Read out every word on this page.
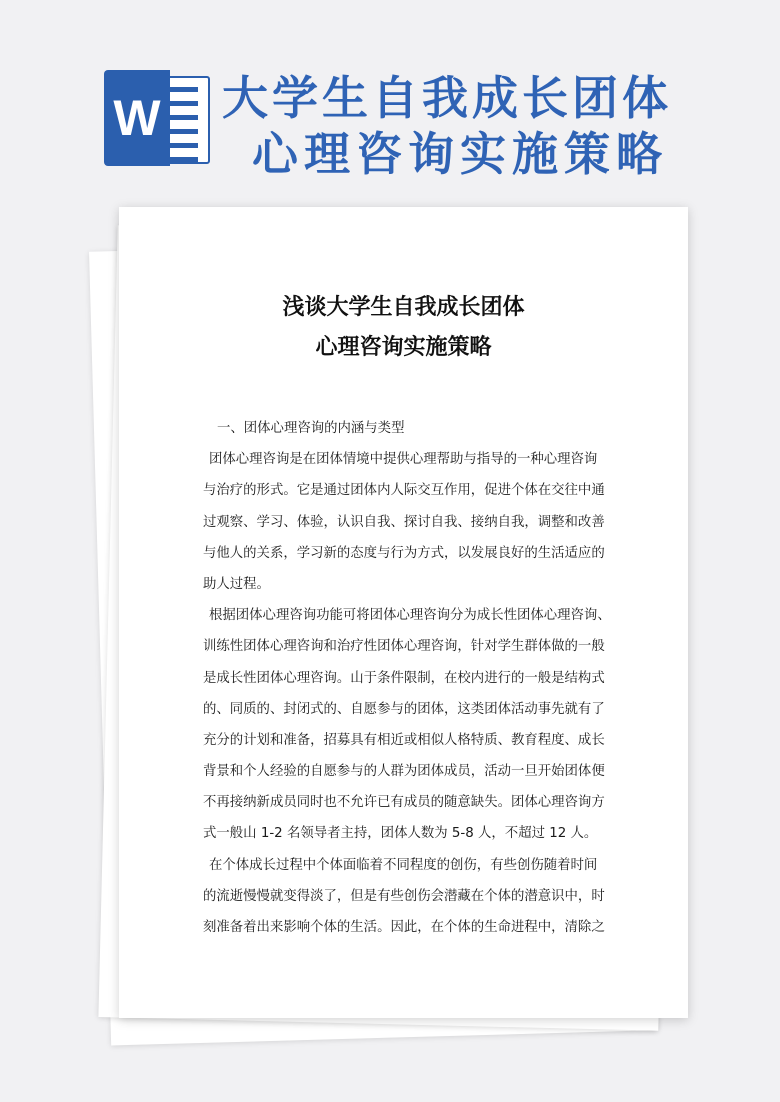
W 大学生自我成长团体
心理咨询实施策略
浅谈大学生自我成长团体
心理咨询实施策略
一、团体心理咨询的内涵与类型
团体心理咨询是在团体情境中提供心理帮助与指导的一种心理咨询
与治疗的形式。它是通过团体内人际交互作用，促进个体在交往中通
过观察、学习、体验，认识自我、探讨自我、接纳自我，调整和改善
与他人的关系，学习新的态度与行为方式，以发展良好的生活适应的
助人过程。
根据团体心理咨询功能可将团体心理咨询分为成长性团体心理咨询、
训练性团体心理咨询和治疗性团体心理咨询，针对学生群体做的一般
是成长性团体心理咨询。山于条件限制，在校内进行的一般是结构式
的、同质的、封闭式的、自愿参与的团体，这类团体活动事先就有了
充分的计划和准备，招募具有相近或相似人格特质、教育程度、成长
背景和个人经验的自愿参与的人群为团体成员，活动一旦开始团体便
不再接纳新成员同时也不允许已有成员的随意缺失。团体心理咨询方
式一般山 1-2 名领导者主持，团体人数为 5-8 人，不超过 12 人。
在个体成长过程中个体面临着不同程度的创伤，有些创伤随着时间
的流逝慢慢就变得淡了，但是有些创伤会潜藏在个体的潜意识中，时
刻准备着出来影响个体的生活。因此，在个体的生命进程中，清除之
